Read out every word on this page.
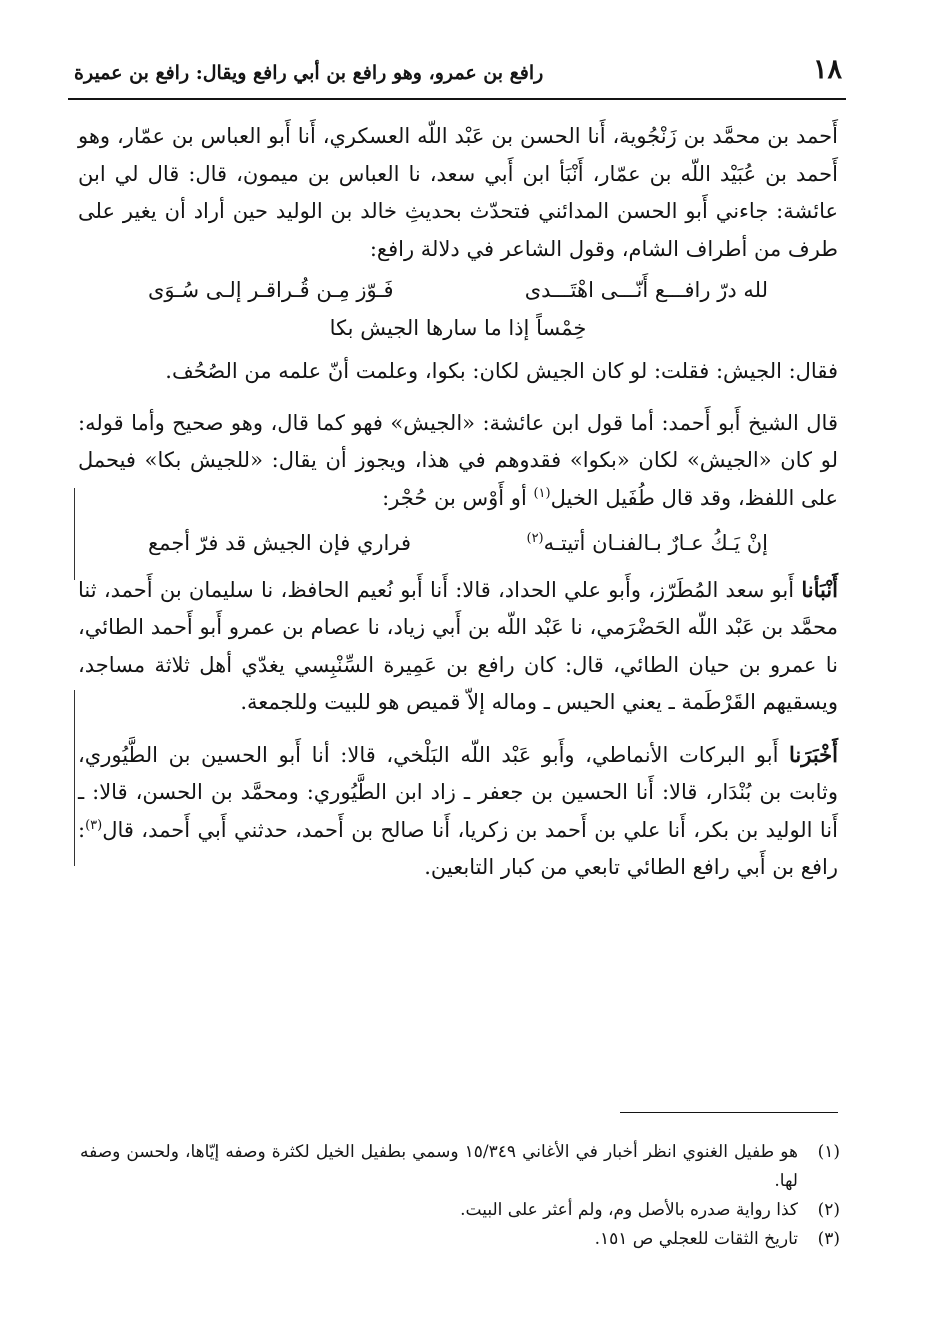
١٨
رافع بن عمرو، وهو رافع بن أبي رافع ويقال: رافع بن عميرة

أَحمد بن محمَّد بن زَنْجُوية، أَنا الحسن بن عَبْد اللّه العسكري، أَنا أَبو العباس بن عمّار، وهو أَحمد بن عُبَيْد اللّه بن عمّار، أَنْبَأ ابن أَبي سعد، نا العباس بن ميمون، قال: قال لي ابن عائشة: جاءني أَبو الحسن المدائني فتحدّث بحديثِ خالد بن الوليد حين أراد أن يغير على طرف من أطراف الشام، وقول الشاعر في دلالة رافع:

لله درّ رافـــع أَنّـــى اهْتَـــدى
فَـوّز مِـن قُـراقـر إلـى سُـوَى

خِمْساً إذا ما سارها الجيش بكا

فقال: الجيش: فقلت: لو كان الجيش لكان: بكوا، وعلمت أنّ علمه من الصُحُف.

قال الشيخ أَبو أَحمد: أما قول ابن عائشة: «الجيش» فهو كما قال، وهو صحيح وأما قوله: لو كان «الجيش» لكان «بكوا» فقدوهم في هذا، ويجوز أن يقال: «للجيش بكا» فيحمل على اللفظ، وقد قال طُفَيل الخيل$^{(١)}$ أو أَوْس بن حُجْر:

إنْ يَـكُ عـارٌ بـالفنـان أتيتـه$^{(٢)}$
فراري فإن الجيش قد فرّ أجمع

أَنْبَأنا أَبو سعد المُطَرّز، وأَبو علي الحداد، قالا: أَنا أَبو نُعيم الحافظ، نا سليمان بن أَحمد، ثنا محمَّد بن عَبْد اللّه الحَضْرَمي، نا عَبْد اللّه بن أَبي زياد، نا عصام بن عمرو أَبو أَحمد الطائي، نا عمرو بن حيان الطائي، قال: كان رافع بن عَمِيرة السِّنْبِسي يغدّي أهل ثلاثة مساجد، ويسقيهم القَرْطَمة ـ يعني الحيس ـ وماله إلاّ قميص هو للبيت وللجمعة.

أَخْبَرَنا أَبو البركات الأنماطي، وأَبو عَبْد اللّه البَلْخي، قالا: أنا أَبو الحسين بن الطَّيُوري، وثابت بن بُنْدَار، قالا: أَنا الحسين بن جعفر ـ زاد ابن الطَّيُوري: ومحمَّد بن الحسن، قالا: ـ أَنا الوليد بن بكر، أَنا علي بن أَحمد بن زكريا، أَنا صالح بن أَحمد، حدثني أَبي أَحمد، قال$^{(٣)}$: رافع بن أَبي رافع الطائي تابعي من كبار التابعين.

(١)
هو طفيل الغنوي انظر أخبار في الأغاني ١٥/٣٤٩ وسمي بطفيل الخيل لكثرة وصفه إيّاها، ولحسن وصفه لها.
(٢)
كذا رواية صدره بالأصل وم، ولم أعثر على البيت.
(٣)
تاريخ الثقات للعجلي ص ١٥١.
